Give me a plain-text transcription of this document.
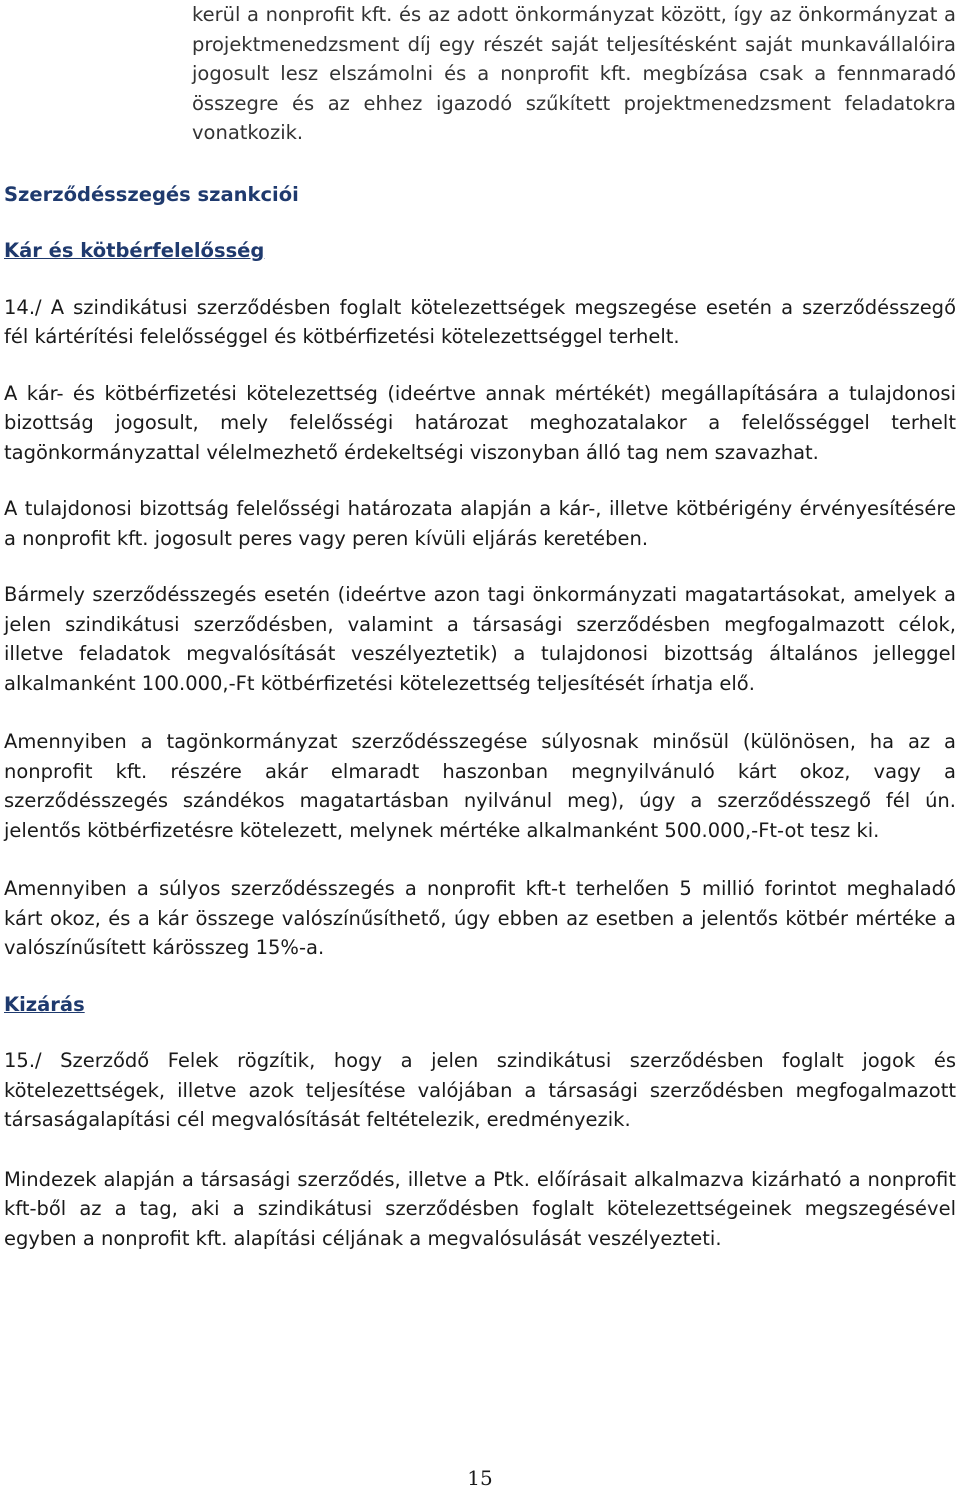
kerül a nonprofit kft. és az adott önkormányzat között, így az önkormányzat a projektmenedzsment díj egy részét saját teljesítésként saját munkavállalóira jogosult lesz elszámolni és a nonprofit kft. megbízása csak a fennmaradó összegre és az ehhez igazodó szűkített projektmenedzsment feladatokra vonatkozik.

Szerződésszegés szankciói
Kár és kötbérfelelősség

14./ A szindikátusi szerződésben foglalt kötelezettségek megszegése esetén a szerződésszegő fél kártérítési felelősséggel és kötbérfizetési kötelezettséggel terhelt.

A kár- és kötbérfizetési kötelezettség (ideértve annak mértékét) megállapítására a tulajdonosi bizottság jogosult, mely felelősségi határozat meghozatalakor a felelősséggel terhelt tagönkormányzattal vélelmezhető érdekeltségi viszonyban álló tag nem szavazhat.

A tulajdonosi bizottság felelősségi határozata alapján a kár-, illetve kötbérigény érvényesítésére a nonprofit kft. jogosult peres vagy peren kívüli eljárás keretében.

Bármely szerződésszegés esetén (ideértve azon tagi önkormányzati magatartásokat, amelyek a jelen szindikátusi szerződésben, valamint a társasági szerződésben megfogalmazott célok, illetve feladatok megvalósítását veszélyeztetik) a tulajdonosi bizottság általános jelleggel alkalmanként 100.000,-Ft kötbérfizetési kötelezettség teljesítését írhatja elő.

Amennyiben a tagönkormányzat szerződésszegése súlyosnak minősül (különösen, ha az a nonprofit kft. részére akár elmaradt haszonban megnyilvánuló kárt okoz, vagy a szerződésszegés szándékos magatartásban nyilvánul meg), úgy a szerződésszegő fél ún. jelentős kötbérfizetésre kötelezett, melynek mértéke alkalmanként 500.000,-Ft-ot tesz ki.

Amennyiben a súlyos szerződésszegés a nonprofit kft-t terhelően 5 millió forintot meghaladó kárt okoz, és a kár összege valószínűsíthető, úgy ebben az esetben a jelentős kötbér mértéke a valószínűsített kárösszeg 15%-a.

Kizárás

15./ Szerződő Felek rögzítik, hogy a jelen szindikátusi szerződésben foglalt jogok és kötelezettségek, illetve azok teljesítése valójában a társasági szerződésben megfogalmazott társaságalapítási cél megvalósítását feltételezik, eredményezik.

Mindezek alapján a társasági szerződés, illetve a Ptk. előírásait alkalmazva kizárható a nonprofit kft-ből az a tag, aki a szindikátusi szerződésben foglalt kötelezettségeinek megszegésével egyben a nonprofit kft. alapítási céljának a megvalósulását veszélyezteti.

15
